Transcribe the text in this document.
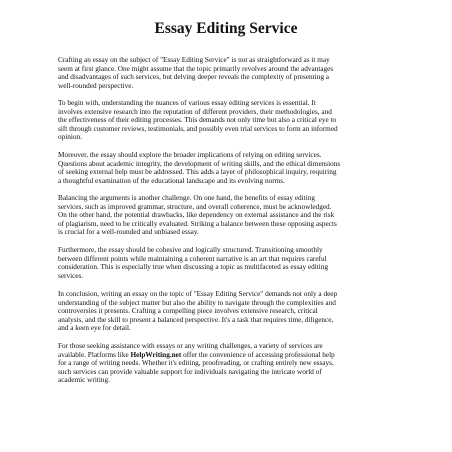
Essay Editing Service

Crafting an essay on the subject of "Essay Editing Service" is not as straightforward as it may
seem at first glance. One might assume that the topic primarily revolves around the advantages
and disadvantages of such services, but delving deeper reveals the complexity of presenting a
well-rounded perspective.

To begin with, understanding the nuances of various essay editing services is essential. It
involves extensive research into the reputation of different providers, their methodologies, and
the effectiveness of their editing processes. This demands not only time but also a critical eye to
sift through customer reviews, testimonials, and possibly even trial services to form an informed
opinion.

Moreover, the essay should explore the broader implications of relying on editing services.
Questions about academic integrity, the development of writing skills, and the ethical dimensions
of seeking external help must be addressed. This adds a layer of philosophical inquiry, requiring
a thoughtful examination of the educational landscape and its evolving norms.

Balancing the arguments is another challenge. On one hand, the benefits of essay editing
services, such as improved grammar, structure, and overall coherence, must be acknowledged.
On the other hand, the potential drawbacks, like dependency on external assistance and the risk
of plagiarism, need to be critically evaluated. Striking a balance between these opposing aspects
is crucial for a well-rounded and unbiased essay.

Furthermore, the essay should be cohesive and logically structured. Transitioning smoothly
between different points while maintaining a coherent narrative is an art that requires careful
consideration. This is especially true when discussing a topic as multifaceted as essay editing
services.

In conclusion, writing an essay on the topic of "Essay Editing Service" demands not only a deep
understanding of the subject matter but also the ability to navigate through the complexities and
controversies it presents. Crafting a compelling piece involves extensive research, critical
analysis, and the skill to present a balanced perspective. It's a task that requires time, diligence,
and a keen eye for detail.

For those seeking assistance with essays or any writing challenges, a variety of services are
available. Platforms like HelpWriting.net offer the convenience of accessing professional help
for a range of writing needs. Whether it's editing, proofreading, or crafting entirely new essays,
such services can provide valuable support for individuals navigating the intricate world of
academic writing.
